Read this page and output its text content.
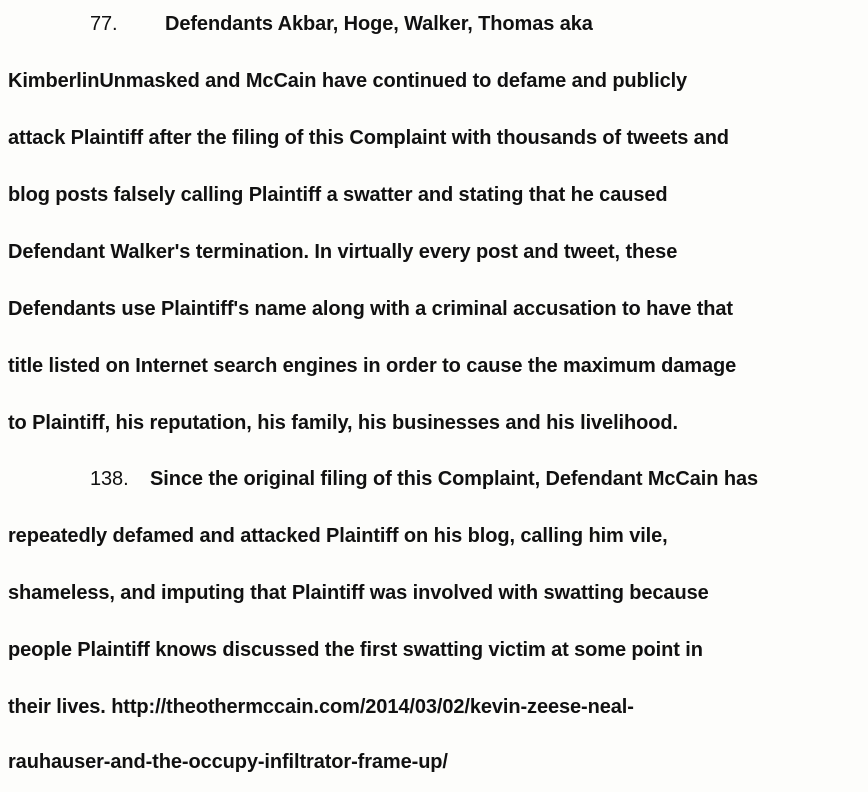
77. Defendants Akbar, Hoge, Walker, Thomas aka
KimberlinUnmasked and McCain have continued to defame and publicly
attack Plaintiff after the filing of this Complaint with thousands of tweets and
blog posts falsely calling Plaintiff a swatter and stating that he caused
Defendant Walker's termination. In virtually every post and tweet, these
Defendants use Plaintiff's name along with a criminal accusation to have that
title listed on Internet search engines in order to cause the maximum damage
to Plaintiff, his reputation, his family, his businesses and his livelihood.
138. Since the original filing of this Complaint, Defendant McCain has
repeatedly defamed and attacked Plaintiff on his blog, calling him vile,
shameless, and imputing that Plaintiff was involved with swatting because
people Plaintiff knows discussed the first swatting victim at some point in
their lives. http://theothermccain.com/2014/03/02/kevin-zeese-neal-
rauhauser-and-the-occupy-infiltrator-frame-up/
